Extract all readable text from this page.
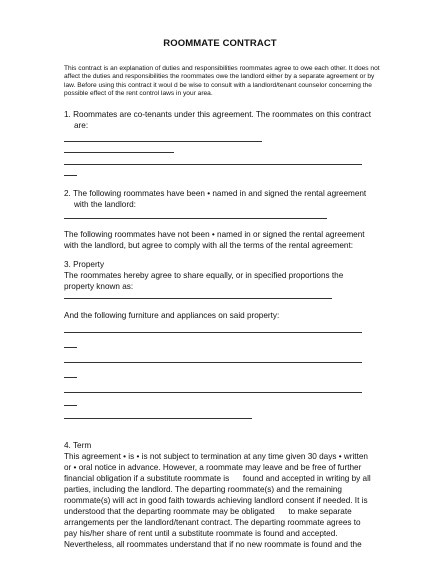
ROOMMATE CONTRACT
This contract is an explanation of duties and responsibilities roommates agree to owe each other. It does not affect the duties and responsibilities the roommates owe the landlord either by a separate agreement or by law. Before using this contract it woul d be wise to consult with a landlord/tenant counselor concerning the possible effect of the rent control laws in your area.
1. Roommates are co-tenants under this agreement. The roommates on this contract
are:
2. The following roommates have been • named in and signed the rental agreement
with the landlord:
The following roommates have not been • named in or signed the rental agreement
with the landlord, but agree to comply with all the terms of the rental agreement:
3. Property
The roommates hereby agree to share equally, or in specified proportions the
property known as:
And the following furniture and appliances on said property:
4. Term
This agreement • is • is not subject to termination at any time given 30 days • written
or • oral notice in advance. However, a roommate may leave and be free of further
financial obligation if a substitute roommate is      found and accepted in writing by all
parties, including the landlord. The departing roommate(s) and the remaining
roommate(s) will act in good faith towards achieving landlord consent if needed. It is
understood that the departing roommate may be obligated      to make separate
arrangements per the landlord/tenant contract. The departing roommate agrees to
pay his/her share of rent until a substitute roommate is found and accepted.
Nevertheless, all roommates understand that if no new roommate is found and the
